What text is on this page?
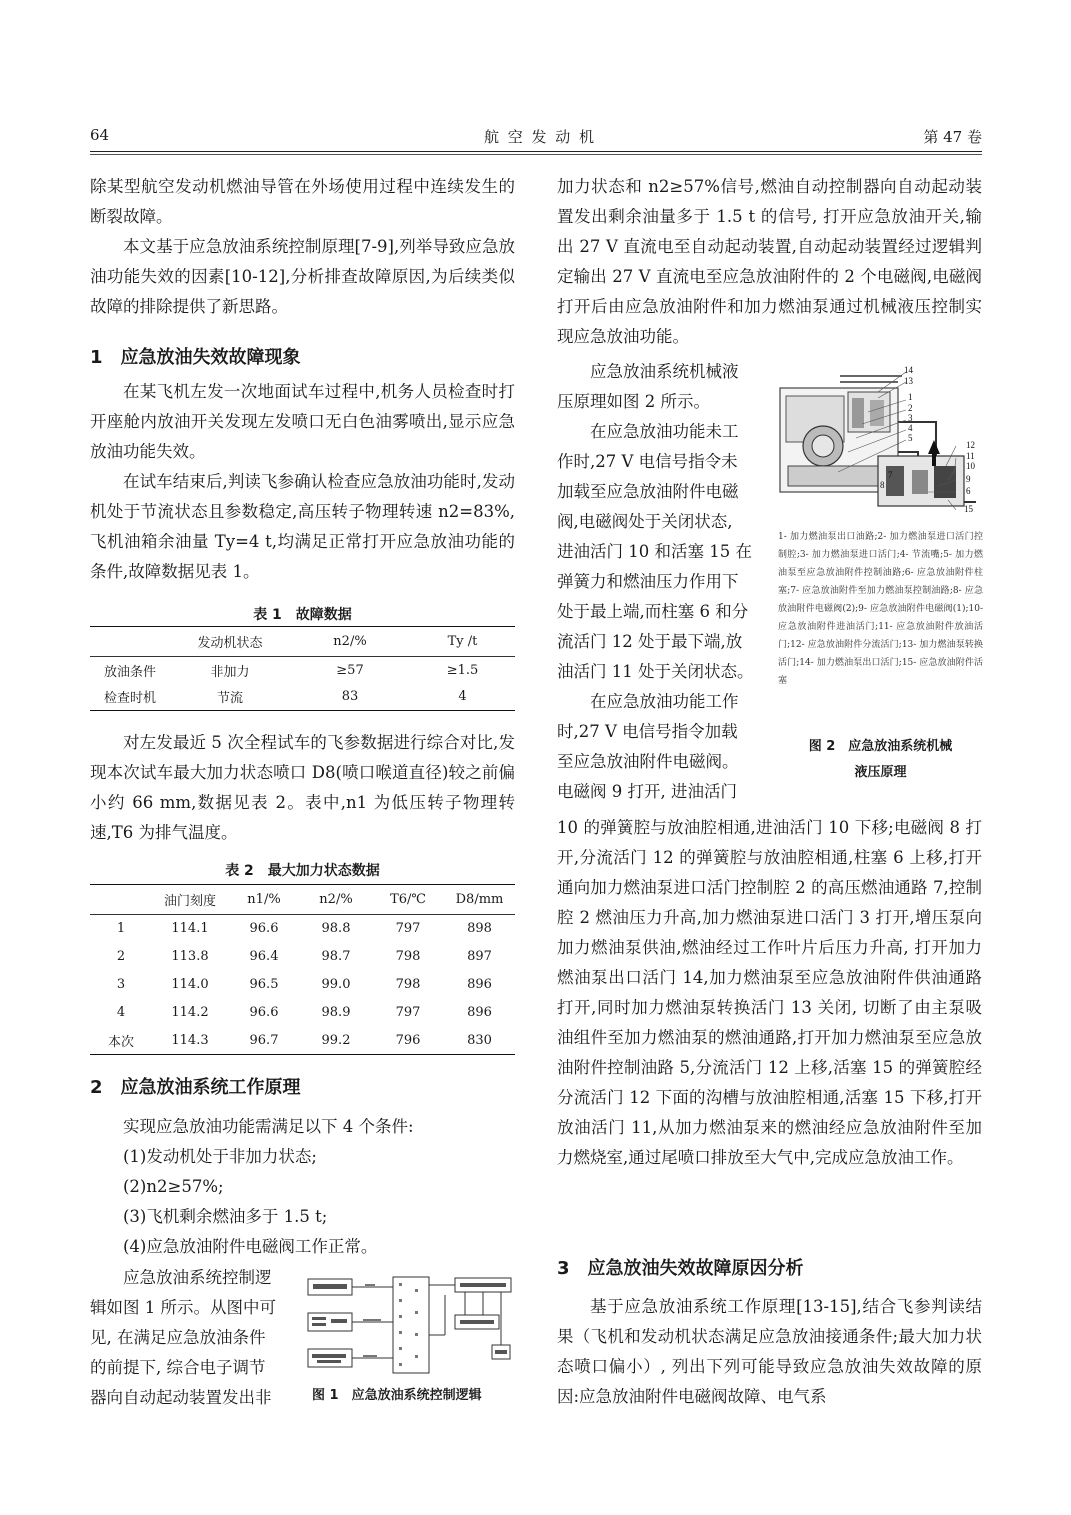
64	航 空 发 动 机	第 47 卷

除某型航空发动机燃油导管在外场使用过程中连续发生的断裂故障。

本文基于应急放油系统控制原理[7-9],列举导致应急放油功能失效的因素[10-12],分析排查故障原因,为后续类似故障的排除提供了新思路。

1　应急放油失效故障现象

在某飞机左发一次地面试车过程中,机务人员检查时打开座舱内放油开关发现左发喷口无白色油雾喷出,显示应急放油功能失效。

在试车结束后,判读飞参确认检查应急放油功能时,发动机处于节流状态且参数稳定,高压转子物理转速 n2=83%,飞机油箱余油量 Ty=4 t,均满足正常打开应急放油功能的条件,故障数据见表 1。

表 1　故障数据
	发动机状态	n2/%	Ty /t
放油条件	非加力	≥57	≥1.5
检查时机	节流	83	4

对左发最近 5 次全程试车的飞参数据进行综合对比,发现本次试车最大加力状态喷口 D8(喷口喉道直径)较之前偏小约 66 mm,数据见表 2。表中,n1 为低压转子物理转速,T6 为排气温度。

表 2　最大加力状态数据
	油门刻度	n1/%	n2/%	T6/℃	D8/mm
1	114.1	96.6	98.8	797	898
2	113.8	96.4	98.7	798	897
3	114.0	96.5	99.0	798	896
4	114.2	96.6	98.9	797	896
本次	114.3	96.7	99.2	796	830
2　应急放油系统工作原理

实现应急放油功能需满足以下 4 个条件:

(1)发动机处于非加力状态;

(2)n2≥57%;

(3)飞机剩余燃油多于 1.5 t;

(4)应急放油附件电磁阀工作正常。

应急放油系统控制逻

辑如图 1 所示。从图中可

见, 在满足应急放油条件

的前提下, 综合电子调节

器向自动起动装置发出非	图 1　应急放油系统控制逻辑

加力状态和 n2≥57%信号,燃油自动控制器向自动起动装置发出剩余油量多于 1.5 t 的信号, 打开应急放油开关,输出 27 V 直流电至自动起动装置,自动起动装置经过逻辑判定输出 27 V 直流电至应急放油附件的 2 个电磁阀,电磁阀打开后由应急放油附件和加力燃油泵通过机械液压控制实现应急放油功能。

应急放油系统机械液

压原理如图 2 所示。

在应急放油功能未工

作时,27 V 电信号指令未

加载至应急放油附件电磁

阀,电磁阀处于关闭状态,

进油活门 10 和活塞 15 在

弹簧力和燃油压力作用下

处于最上端,而柱塞 6 和分

流活门 12 处于最下端,放

油活门 11 处于关闭状态。

在应急放油功能工作

时,27 V 电信号指令加载

至应急放油附件电磁阀。

电磁阀 9 打开, 进油活门

14
13
1
2
3
4
5
12
11
10
9
8
7
6
15
1- 加力燃油泵出口油路;2- 加力燃油泵进口活门控制腔;3- 加力燃油泵进口活门;4- 节流嘴;5- 加力燃油泵至应急放油附件控制油路;6- 应急放油附件柱塞;7- 应急放油附件至加力燃油泵控制油路;8- 应急放油附件电磁阀(2);9- 应急放油附件电磁阀(1);10- 应急放油附件进油活门;11- 应急放油附件放油活门;12- 应急放油附件分流活门;13- 加力燃油泵转换活门;14- 加力燃油泵出口活门;15- 应急放油附件活塞
图 2　应急放油系统机械
液压原理

10 的弹簧腔与放油腔相通,进油活门 10 下移;电磁阀 8 打开,分流活门 12 的弹簧腔与放油腔相通,柱塞 6 上移,打开通向加力燃油泵进口活门控制腔 2 的高压燃油通路 7,控制腔 2 燃油压力升高,加力燃油泵进口活门 3 打开,增压泵向加力燃油泵供油,燃油经过工作叶片后压力升高, 打开加力燃油泵出口活门 14,加力燃油泵至应急放油附件供油通路打开,同时加力燃油泵转换活门 13 关闭, 切断了由主泵吸油组件至加力燃油泵的燃油通路,打开加力燃油泵至应急放油附件控制油路 5,分流活门 12 上移,活塞 15 的弹簧腔经分流活门 12 下面的沟槽与放油腔相通,活塞 15 下移,打开放油活门 11,从加力燃油泵来的燃油经应急放油附件至加力燃烧室,通过尾喷口排放至大气中,完成应急放油工作。

3　应急放油失效故障原因分析

基于应急放油系统工作原理[13-15],结合飞参判读结果（飞机和发动机状态满足应急放油接通条件;最大加力状态喷口偏小）, 列出下列可能导致应急放油失效故障的原因:应急放油附件电磁阀故障、电气系
